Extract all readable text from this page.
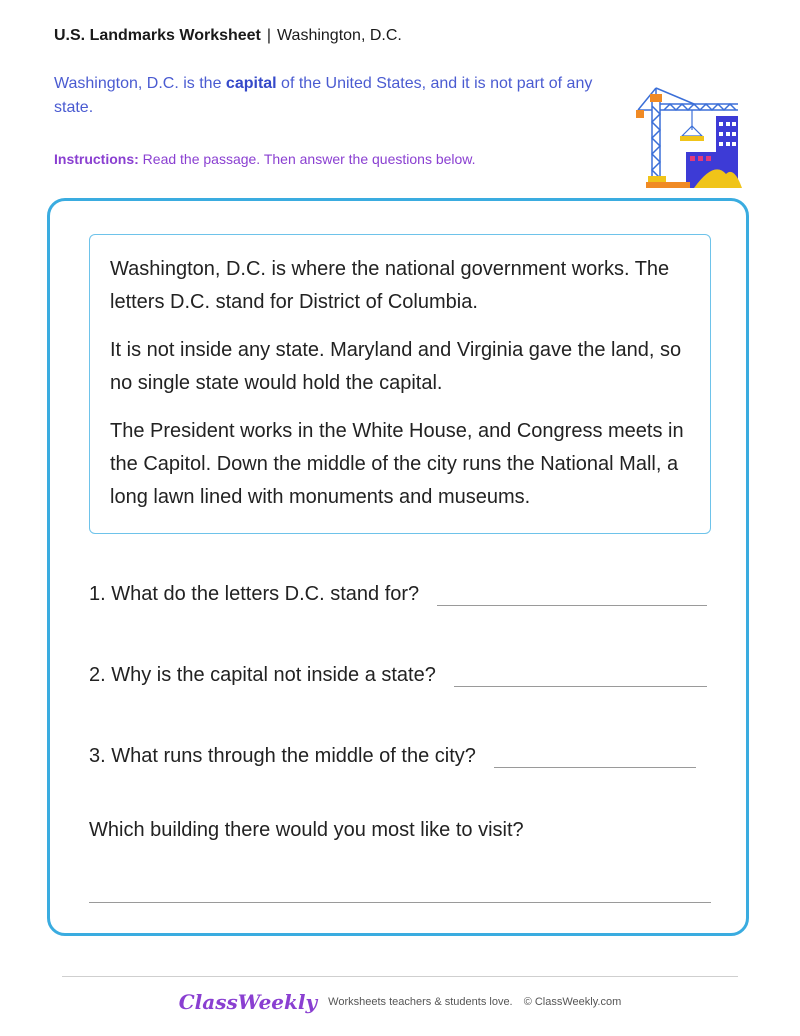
U.S. Landmarks Worksheet | Washington, D.C.
Washington, D.C. is the capital of the United States, and it is not part of any state.
Instructions: Read the passage. Then answer the questions below.

Washington, D.C. is where the national government works. The letters D.C. stand for District of Columbia.

It is not inside any state. Maryland and Virginia gave the land, so no single state would hold the capital.

The President works in the White House, and Congress meets in the Capitol. Down the middle of the city runs the National Mall, a long lawn lined with monuments and museums.

1. What do the letters D.C. stand for?
2. Why is the capital not inside a state?
3. What runs through the middle of the city?
Which building there would you most like to visit?
ClassWeekly Worksheets teachers & students love. © ClassWeekly.com
